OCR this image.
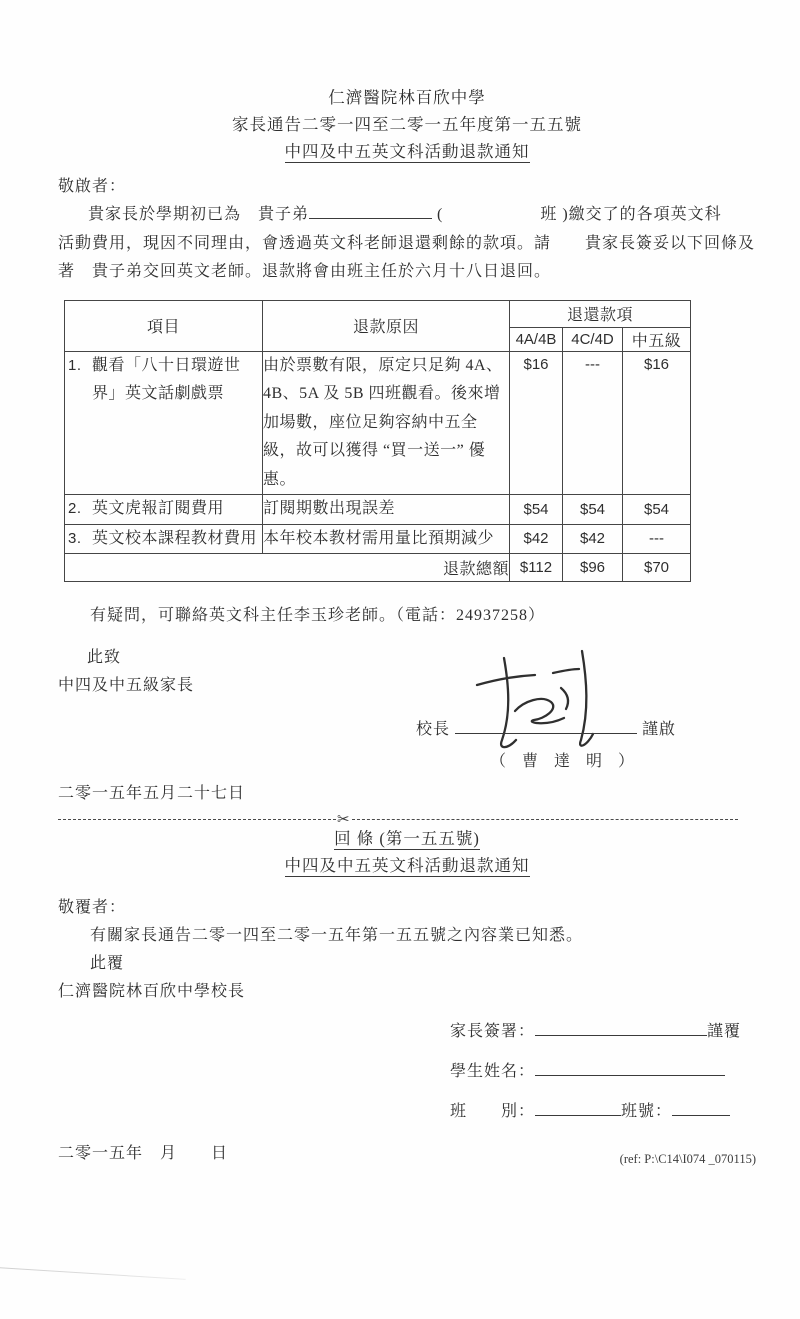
仁濟醫院林百欣中學
家長通告二零一四至二零一五年度第一五五號
中四及中五英文科活動退款通知
敬啟者：
貴家長於學期初已為　貴子弟	(	班 )繳交了的各項英文科
活動費用，現因不同理由，會透過英文科老師退還剩餘的款項。請　　貴家長簽妥以下回條及
著　貴子弟交回英文老師。退款將會由班主任於六月十八日退回。
項目	退款原因	退還款項		
		4A/4B	4C/4D	中五級

1. 觀看「八十日環遊世界」英文話劇戲票	由於票數有限，原定只足夠 4A、4B、5A 及 5B 四班觀看。後來增加場數，座位足夠容納中五全級，故可以獲得 “買一送一” 優惠。	$16	---	$16

2. 英文虎報訂閱費用	訂閱期數出現誤差	$54	$54	$54

3. 英文校本課程教材費用	本年校本教材需用量比預期減少	$42	$42	---
退款總額		$112	$96	$70
有疑問，可聯絡英文科主任李玉珍老師。（電話：24937258）
此致
中四及中五級家長
校長	謹啟
（ 曹 達 明 ）
二零一五年五月二十七日
✂
回 條 (第一五五號)
中四及中五英文科活動退款通知
敬覆者：
有關家長通告二零一四至二零一五年第一五五號之內容業已知悉。
此覆
仁濟醫院林百欣中學校長
家長簽署：	謹覆
學生姓名：
班　　別：	班號：
二零一五年　月　　日	(ref: P:\C14\I074 _070115)
